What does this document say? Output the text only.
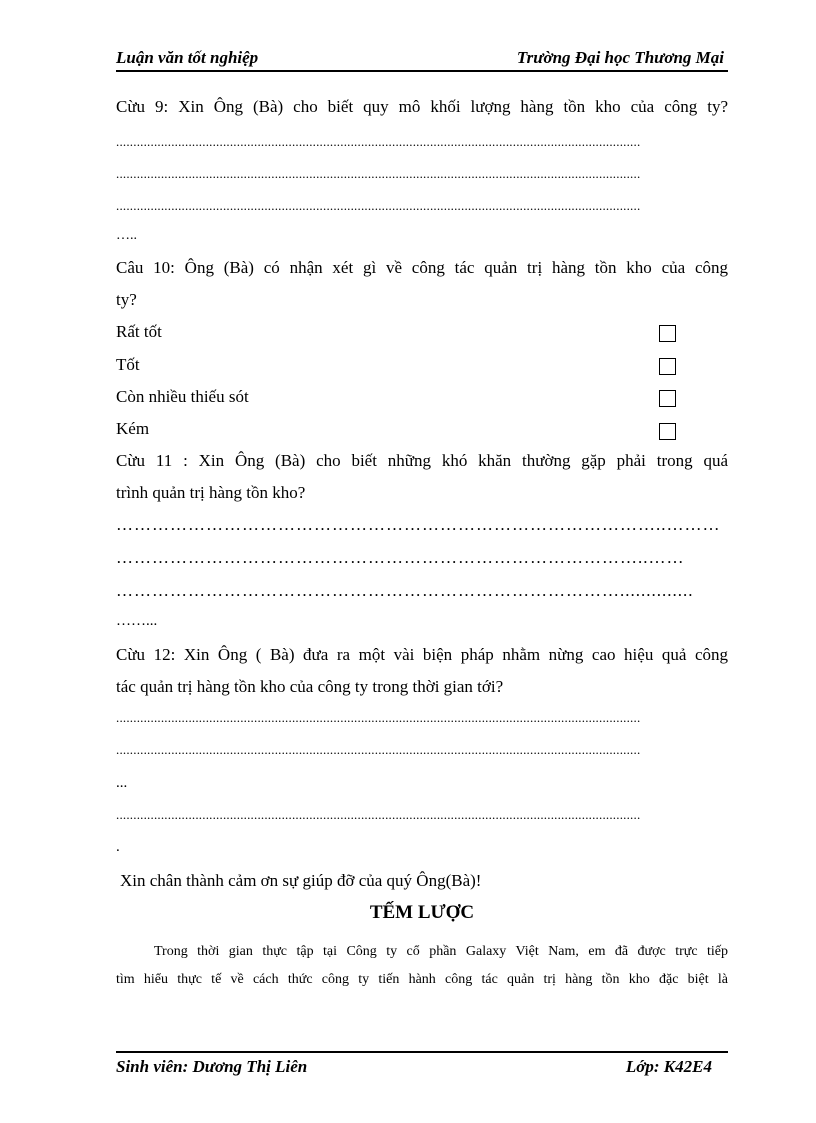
Luận văn tốt nghiệp	Trường Đại học Thương Mại
Cừu 9: Xin Ông (Bà) cho biết quy mô khối lượng hàng tồn kho của công ty?
........................................................................................................................................................
........................................................................................................................................................
........................................................................................................................................................
…..
Câu 10: Ông (Bà) có nhận xét gì về công tác quản trị hàng tồn kho của công
ty?
Rất tốt
Tốt
Còn nhiều thiếu sót
Kém
Cừu 11 : Xin Ông (Bà) cho biết những khó khăn thường gặp phải trong quá
trình quản trị hàng tồn kho?
………………………………………………………………………………..………
……………………………………………………………………………..……
…………………………………………………………………………..............
……...
Cừu 12: Xin Ông ( Bà) đưa ra một vài biện pháp nhằm nừng cao hiệu quả công
tác quản trị hàng tồn kho của công ty trong thời gian tới?
........................................................................................................................................................
........................................................................................................................................................
...
........................................................................................................................................................
.
Xin chân thành cảm ơn sự giúp đỡ của quý Ông(Bà)!
TẾM LƯỢC
Trong thời gian thực tập tại Công ty cổ phần Galaxy Việt Nam, em đã được trực tiếp
tìm hiểu thực tế về cách thức công ty tiến hành công tác quản trị hàng tồn kho đặc biệt là
Sinh viên: Dương Thị Liên	Lớp: K42E4
